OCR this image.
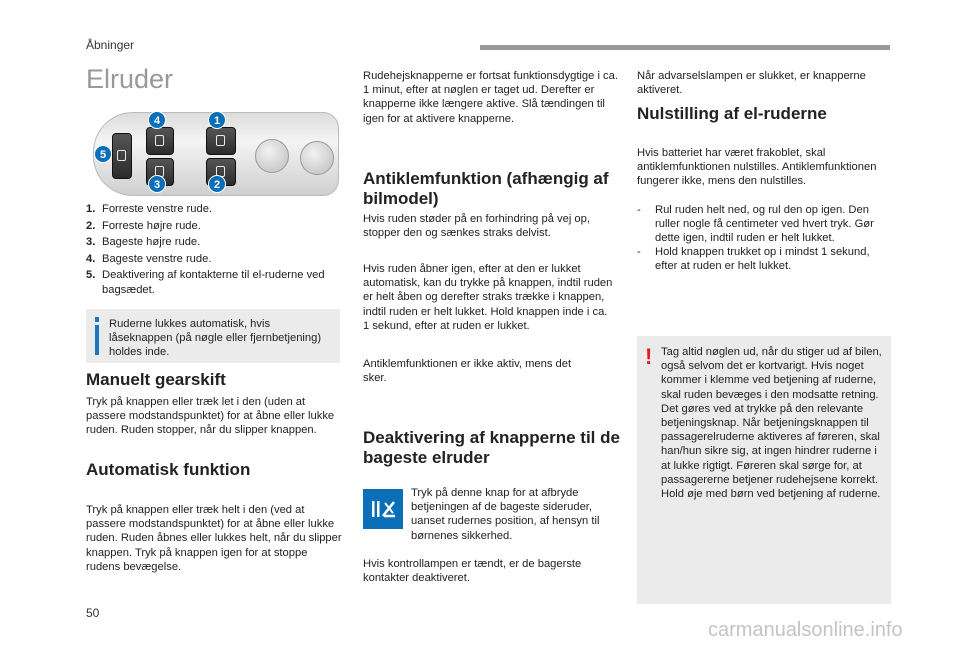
Åbninger
Elruder
4	1
5
3	2
1. Forreste venstre rude.
2. Forreste højre rude.
3. Bageste højre rude.
4. Bageste venstre rude.
5. Deaktivering af kontakterne til el-ruderne ved bagsædet.
Ruderne lukkes automatisk, hvis låseknappen (på nøgle eller fjernbetjening) holdes inde.
Manuelt gearskift
Tryk på knappen eller træk let i den (uden at passere modstandspunktet) for at åbne eller lukke ruden. Ruden stopper, når du slipper knappen.
Automatisk funktion
Tryk på knappen eller træk helt i den (ved at passere modstandspunktet) for at åbne eller lukke ruden. Ruden åbnes eller lukkes helt, når du slipper knappen. Tryk på knappen igen for at stoppe rudens bevægelse.
Rudehejsknapperne er fortsat funktionsdygtige i ca. 1 minut, efter at nøglen er taget ud. Derefter er knapperne ikke længere aktive. Slå tændingen til igen for at aktivere knapperne.
Antiklemfunktion (afhængig af bilmodel)
Hvis ruden støder på en forhindring på vej op, stopper den og sænkes straks delvist.
Hvis ruden åbner igen, efter at den er lukket automatisk, kan du trykke på knappen, indtil ruden er helt åben og derefter straks trække i knappen, indtil ruden er helt lukket. Hold knappen inde i ca. 1 sekund, efter at ruden er lukket.
Antiklemfunktionen er ikke aktiv, mens det sker.
Deaktivering af knapperne til de bageste elruder
Tryk på denne knap for at afbryde betjeningen af de bageste sideruder, uanset rudernes position, af hensyn til børnenes sikkerhed.
Hvis kontrollampen er tændt, er de bagerste kontakter deaktiveret.
Når advarselslampen er slukket, er knapperne aktiveret.
Nulstilling af el-ruderne
Hvis batteriet har været frakoblet, skal antiklemfunktionen nulstilles. Antiklemfunktionen fungerer ikke, mens den nulstilles.
-	Rul ruden helt ned, og rul den op igen. Den ruller nogle få centimeter ved hvert tryk. Gør dette igen, indtil ruden er helt lukket.
-	Hold knappen trukket op i mindst 1 sekund, efter at ruden er helt lukket.
! Tag altid nøglen ud, når du stiger ud af bilen, også selvom det er kortvarigt. Hvis noget kommer i klemme ved betjening af ruderne, skal ruden bevæges i den modsatte retning. Det gøres ved at trykke på den relevante betjeningsknap. Når betjeningsknappen til passagerelruderne aktiveres af føreren, skal han/hun sikre sig, at ingen hindrer ruderne i at lukke rigtigt. Føreren skal sørge for, at passagererne betjener rudehejsene korrekt. Hold øje med børn ved betjening af ruderne.
50
carmanualsonline.info
